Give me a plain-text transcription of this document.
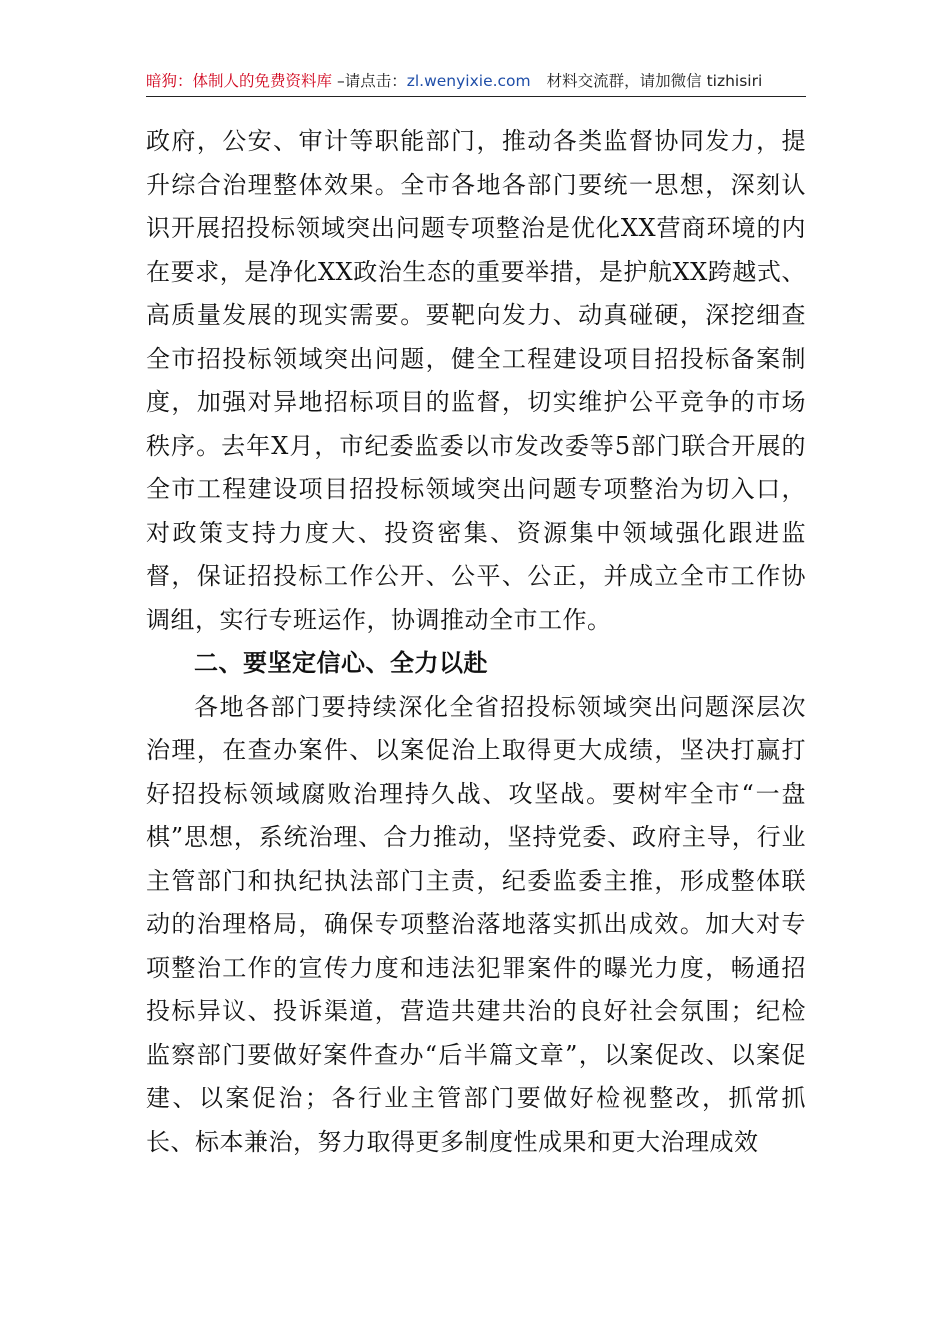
暗狗：体制人的免费资料库 –请点击：zl.wenyixie.com 材料交流群，请加微信 tizhisiri

政府，公安、审计等职能部门，推动各类监督协同发力，提升综合治理整体效果。全市各地各部门要统一思想，深刻认识开展招投标领域突出问题专项整治是优化XX营商环境的内在要求，是净化XX政治生态的重要举措，是护航XX跨越式、高质量发展的现实需要。要靶向发力、动真碰硬，深挖细查全市招投标领域突出问题，健全工程建设项目招投标备案制度，加强对异地招标项目的监督，切实维护公平竞争的市场秩序。去年X月，市纪委监委以市发改委等5部门联合开展的全市工程建设项目招投标领域突出问题专项整治为切入口，对政策支持力度大、投资密集、资源集中领域强化跟进监督，保证招投标工作公开、公平、公正，并成立全市工作协调组，实行专班运作，协调推动全市工作。

二、要坚定信心、全力以赴

各地各部门要持续深化全省招投标领域突出问题深层次治理，在查办案件、以案促治上取得更大成绩，坚决打赢打好招投标领域腐败治理持久战、攻坚战。要树牢全市“一盘棋”思想，系统治理、合力推动，坚持党委、政府主导，行业主管部门和执纪执法部门主责，纪委监委主推，形成整体联动的治理格局，确保专项整治落地落实抓出成效。加大对专项整治工作的宣传力度和违法犯罪案件的曝光力度，畅通招投标异议、投诉渠道，营造共建共治的良好社会氛围；纪检监察部门要做好案件查办“后半篇文章”，以案促改、以案促建、以案促治；各行业主管部门要做好检视整改，抓常抓长、标本兼治，努力取得更多制度性成果和更大治理成效
